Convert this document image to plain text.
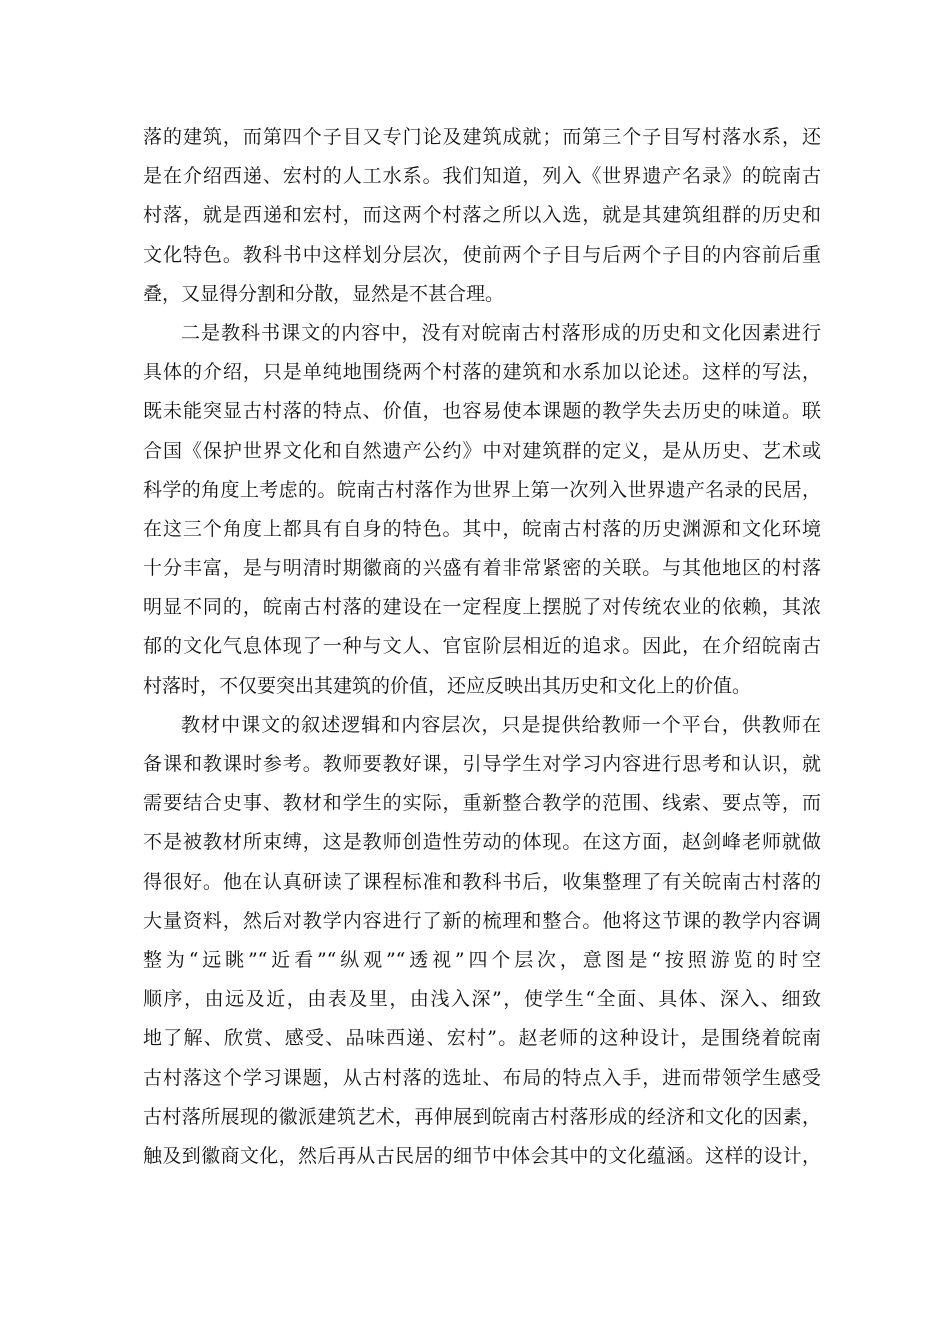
落的建筑，而第四个子目又专门论及建筑成就；而第三个子目写村落水系，还
是在介绍西递、宏村的人工水系。我们知道，列入《世界遗产名录》的皖南古
村落，就是西递和宏村，而这两个村落之所以入选，就是其建筑组群的历史和
文化特色。教科书中这样划分层次，使前两个子目与后两个子目的内容前后重
叠，又显得分割和分散，显然是不甚合理。
二是教科书课文的内容中，没有对皖南古村落形成的历史和文化因素进行
具体的介绍，只是单纯地围绕两个村落的建筑和水系加以论述。这样的写法，
既未能突显古村落的特点、价值，也容易使本课题的教学失去历史的味道。联
合国《保护世界文化和自然遗产公约》中对建筑群的定义，是从历史、艺术或
科学的角度上考虑的。皖南古村落作为世界上第一次列入世界遗产名录的民居，
在这三个角度上都具有自身的特色。其中，皖南古村落的历史渊源和文化环境
十分丰富，是与明清时期徽商的兴盛有着非常紧密的关联。与其他地区的村落
明显不同的，皖南古村落的建设在一定程度上摆脱了对传统农业的依赖，其浓
郁的文化气息体现了一种与文人、官宦阶层相近的追求。因此，在介绍皖南古
村落时，不仅要突出其建筑的价值，还应反映出其历史和文化上的价值。
教材中课文的叙述逻辑和内容层次，只是提供给教师一个平台，供教师在
备课和教课时参考。教师要教好课，引导学生对学习内容进行思考和认识，就
需要结合史事、教材和学生的实际，重新整合教学的范围、线索、要点等，而
不是被教材所束缚，这是教师创造性劳动的体现。在这方面，赵剑峰老师就做
得很好。他在认真研读了课程标准和教科书后，收集整理了有关皖南古村落的
大量资料，然后对教学内容进行了新的梳理和整合。他将这节课的教学内容调
整为“远眺”“近看”“纵观”“透视”四个层次，意图是“按照游览的时空
顺序，由远及近，由表及里，由浅入深”，使学生“全面、具体、深入、细致
地了解、欣赏、感受、品味西递、宏村”。赵老师的这种设计，是围绕着皖南
古村落这个学习课题，从古村落的选址、布局的特点入手，进而带领学生感受
古村落所展现的徽派建筑艺术，再伸展到皖南古村落形成的经济和文化的因素，
触及到徽商文化，然后再从古民居的细节中体会其中的文化蕴涵。这样的设计，
